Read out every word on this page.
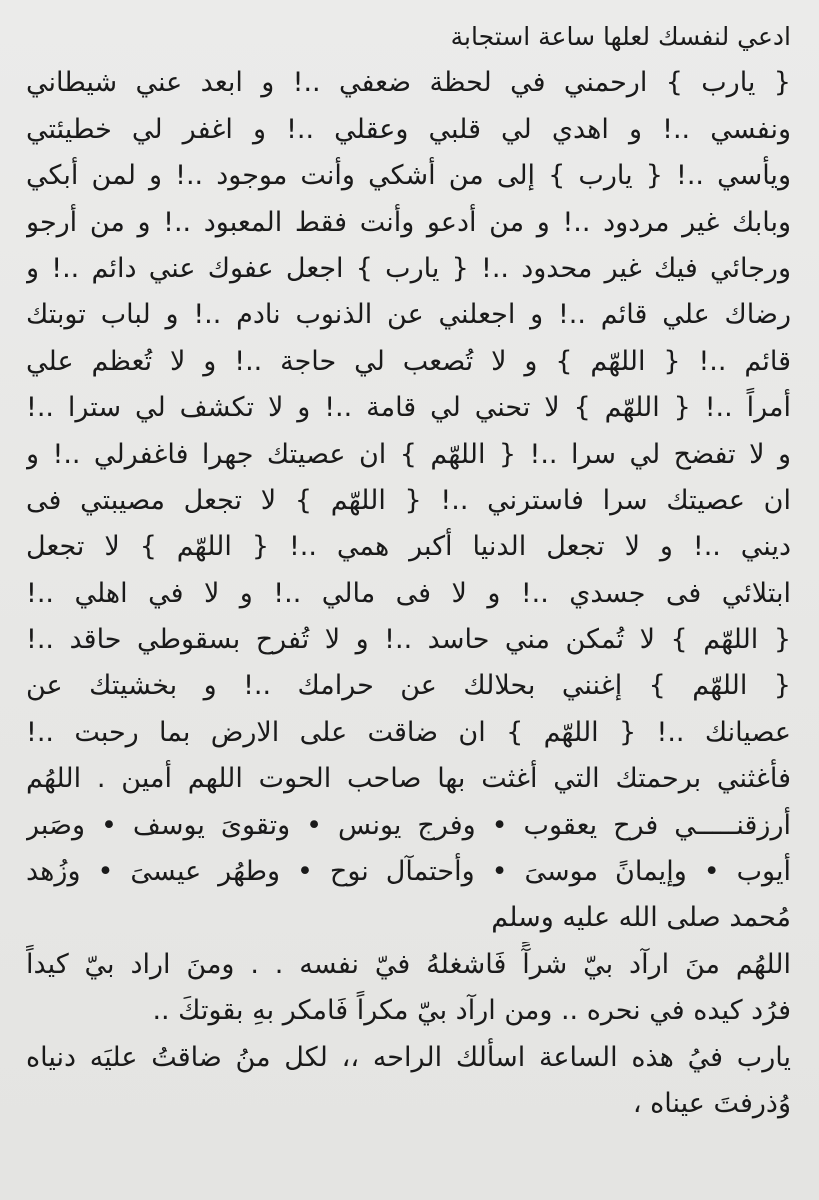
ادعي لنفسك لعلها ساعة استجابة
{ يارب } ارحمني في لحظة ضعفي ..! و ابعد عني شيطاني
ونفسي ..! و اهدي لي قلبي وعقلي ..! و اغفر لي خطيئتي
ويأسي ..! { يارب } إلى من أشكي وأنت موجود ..! و لمن أبكي
وبابك غير مردود ..! و من أدعو وأنت فقط المعبود ..! و من أرجو
ورجائي فيك غير محدود ..! { يارب } اجعل عفوك عني دائم ..! و
رضاك علي قائم ..! و اجعلني عن الذنوب نادم ..! و لباب توبتك
قائم ..! { اللهّم } و لا تُصعب لي حاجة ..! و لا تُعظم علي
أمراً ..! { اللهّم } لا تحني لي قامة ..! و لا تكشف لي سترا ..!
و لا تفضح لي سرا ..! { اللهّم } ان عصيتك جهرا فاغفرلي ..! و
ان عصيتك سرا فاسترني ..! { اللهّم } لا تجعل مصيبتي فى
ديني ..! و لا تجعل الدنيا أكبر همي ..! { اللهّم } لا تجعل
ابتلائي فى جسدي ..! و لا فى مالي ..! و لا في اهلي ..!
{ اللهّم } لا تُمكن مني حاسد ..! و لا تُفرح بسقوطي حاقد ..!
{ اللهّم } إغنني بحلالك عن حرامك ..! و بخشيتك عن
عصيانك ..! { اللهّم } ان ضاقت على الارض بما رحبت ..!
فأغثني برحمتك التي أغثت بها صاحب الحوت اللهم أمين . اللهُم
أرزقنـــــي فرح يعقوب • وفرج يونس • وتقوىَ يوسف • وصَبر
أيوب • وإيمانً موسىَ • وأحتمآل نوح • وطهُر عيسىَ • وزُهد
مُحمد صلى الله عليه وسلم
اللهُم منَ ارآد بيّ شرآً فَاشغلهُ فيّ نفسه . . ومنَ اراد بيّ كيداً
فرُد كيده في نحره .. ومن ارآد بيّ مكراً فَامكر بهِ بقوتكَ ..
يارب فيُ هذه الساعة اسألك الراحه ،، لكل منُ ضاقتُ عليَه دنياه
وُذرفتَ عيناه ،
